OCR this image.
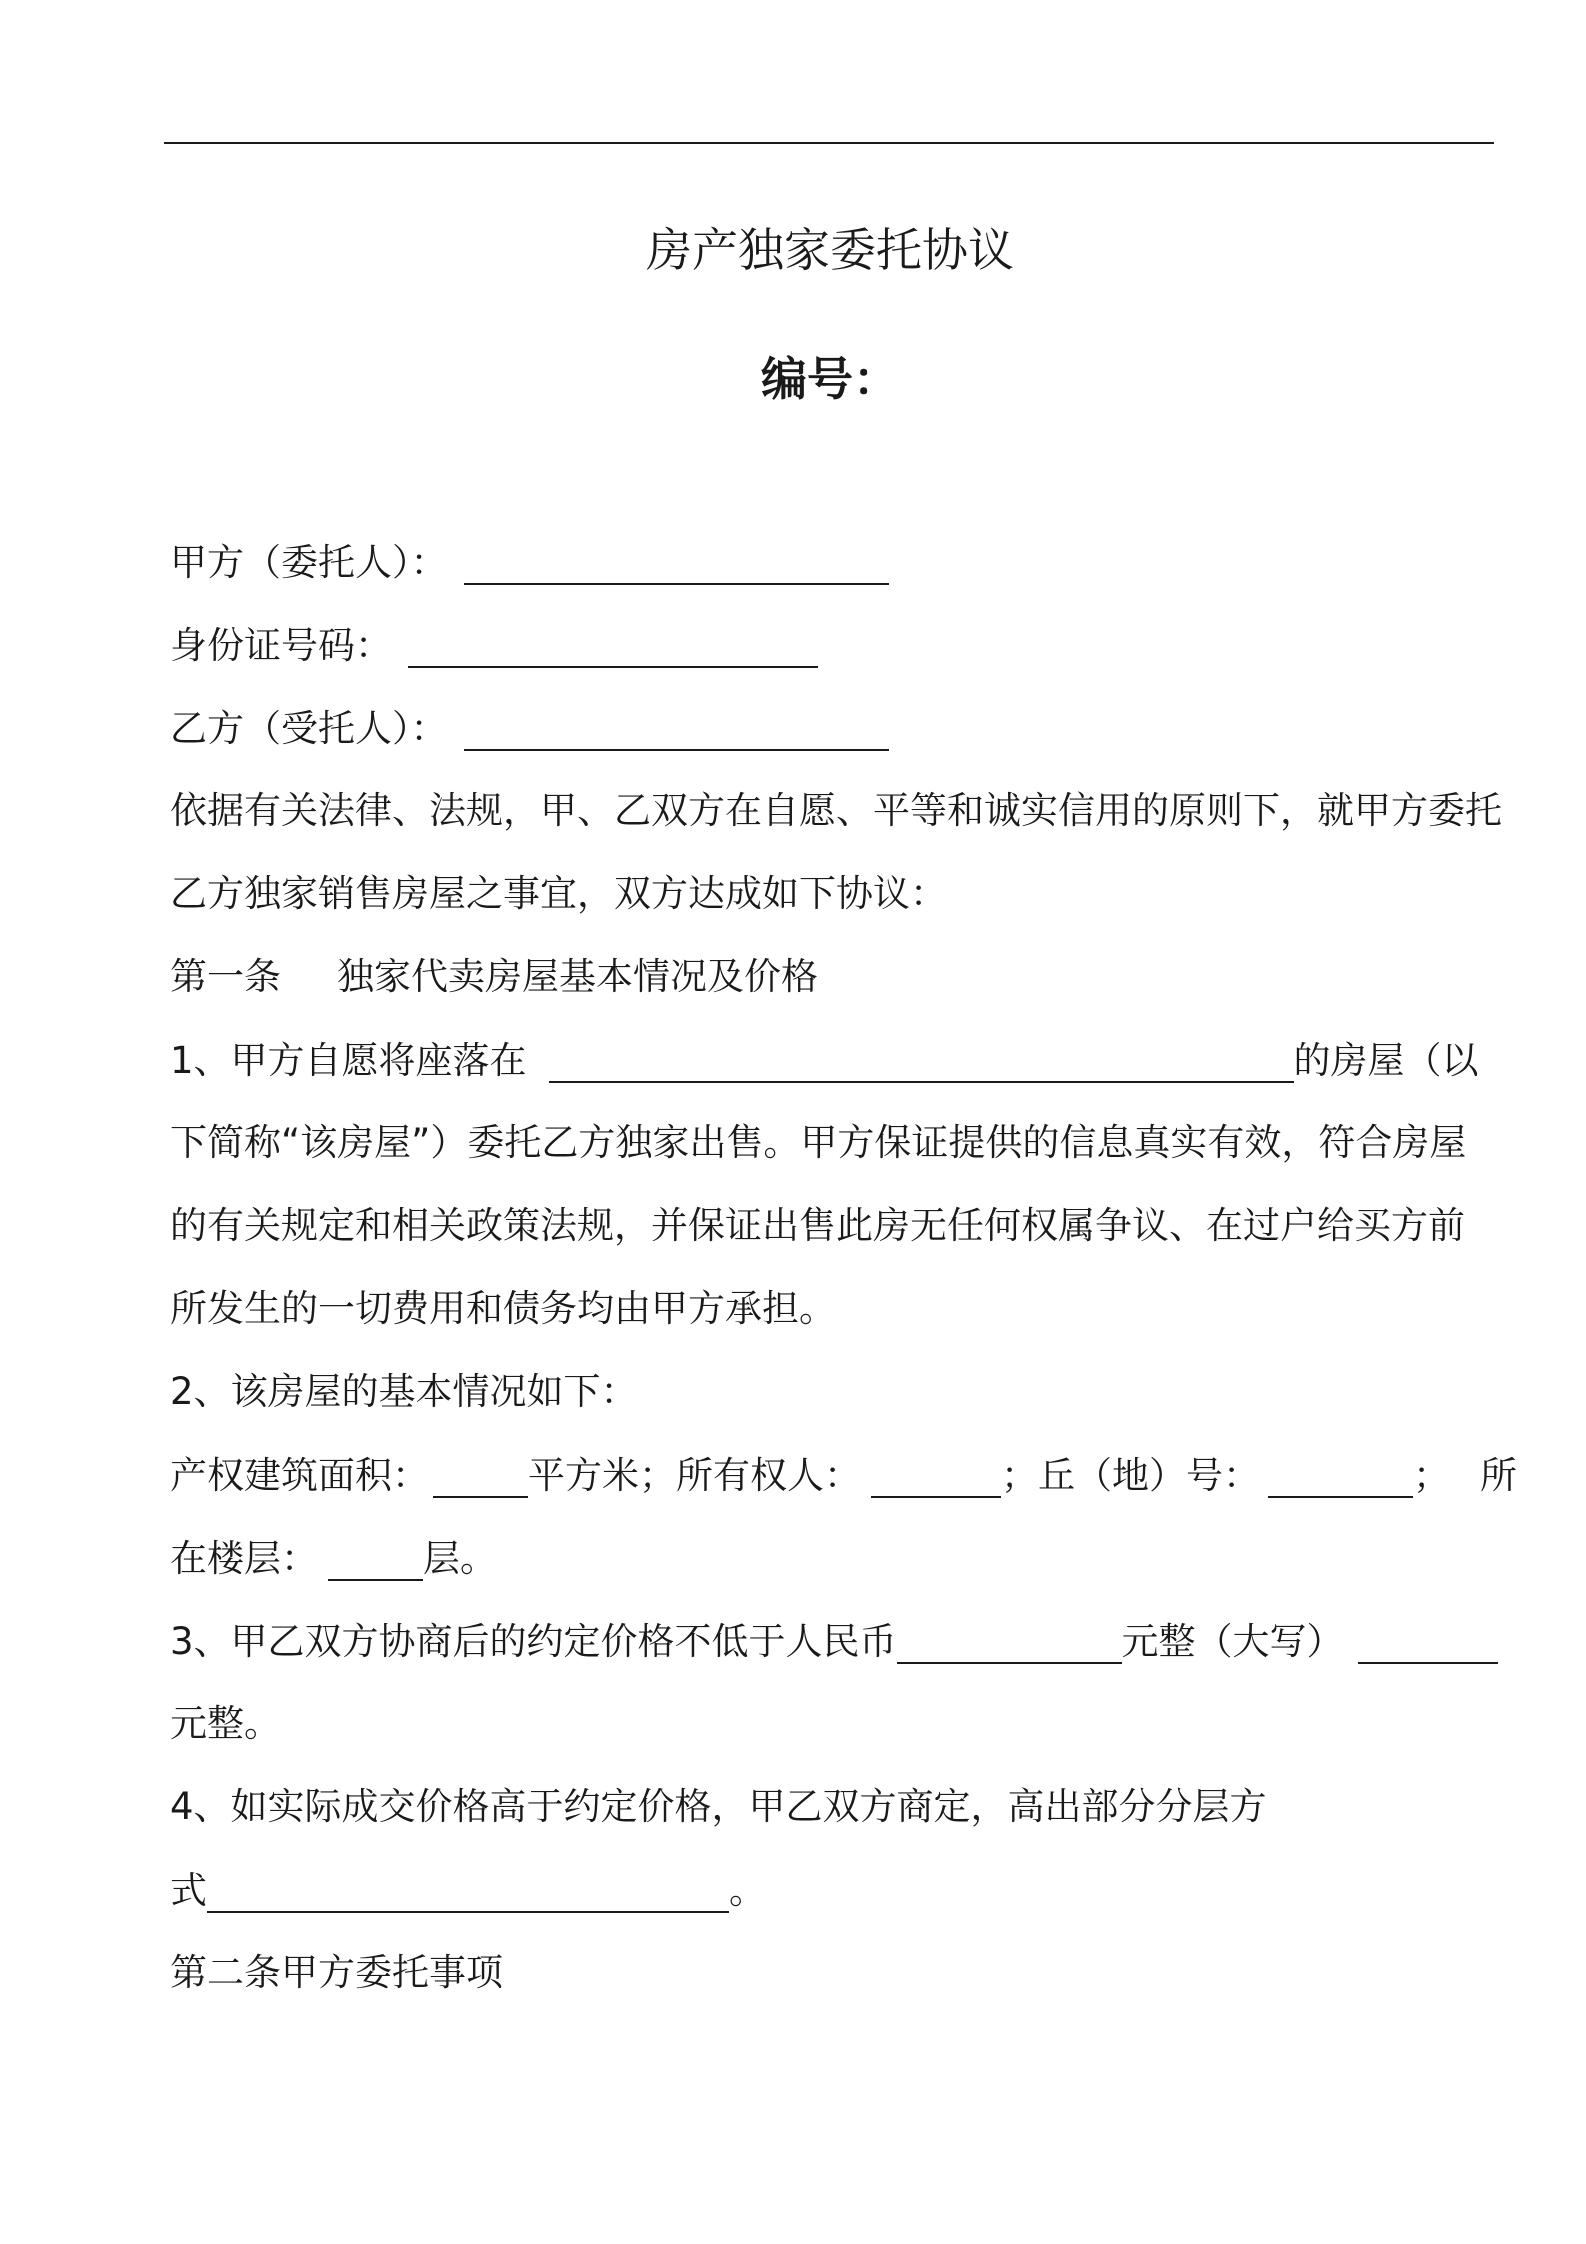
房产独家委托协议
编号：
甲方（委托人）：
身份证号码：
乙方（受托人）：
依据有关法律、法规，甲、乙双方在自愿、平等和诚实信用的原则下，就甲方委托
乙方独家销售房屋之事宜，双方达成如下协议：
第一条 独家代卖房屋基本情况及价格
1、甲方自愿将座落在	的房屋（以
下简称“该房屋”）委托乙方独家出售。甲方保证提供的信息真实有效，符合房屋
的有关规定和相关政策法规，并保证出售此房无任何权属争议、在过户给买方前
所发生的一切费用和债务均由甲方承担。
2、该房屋的基本情况如下：
产权建筑面积：	平方米；所有权人：	；丘（地）号：	； 所
在楼层：	层。
3、甲乙双方协商后的约定价格不低于人民币	元整（大写）
元整。
4、如实际成交价格高于约定价格，甲乙双方商定，高出部分分层方
式	。
第二条甲方委托事项
